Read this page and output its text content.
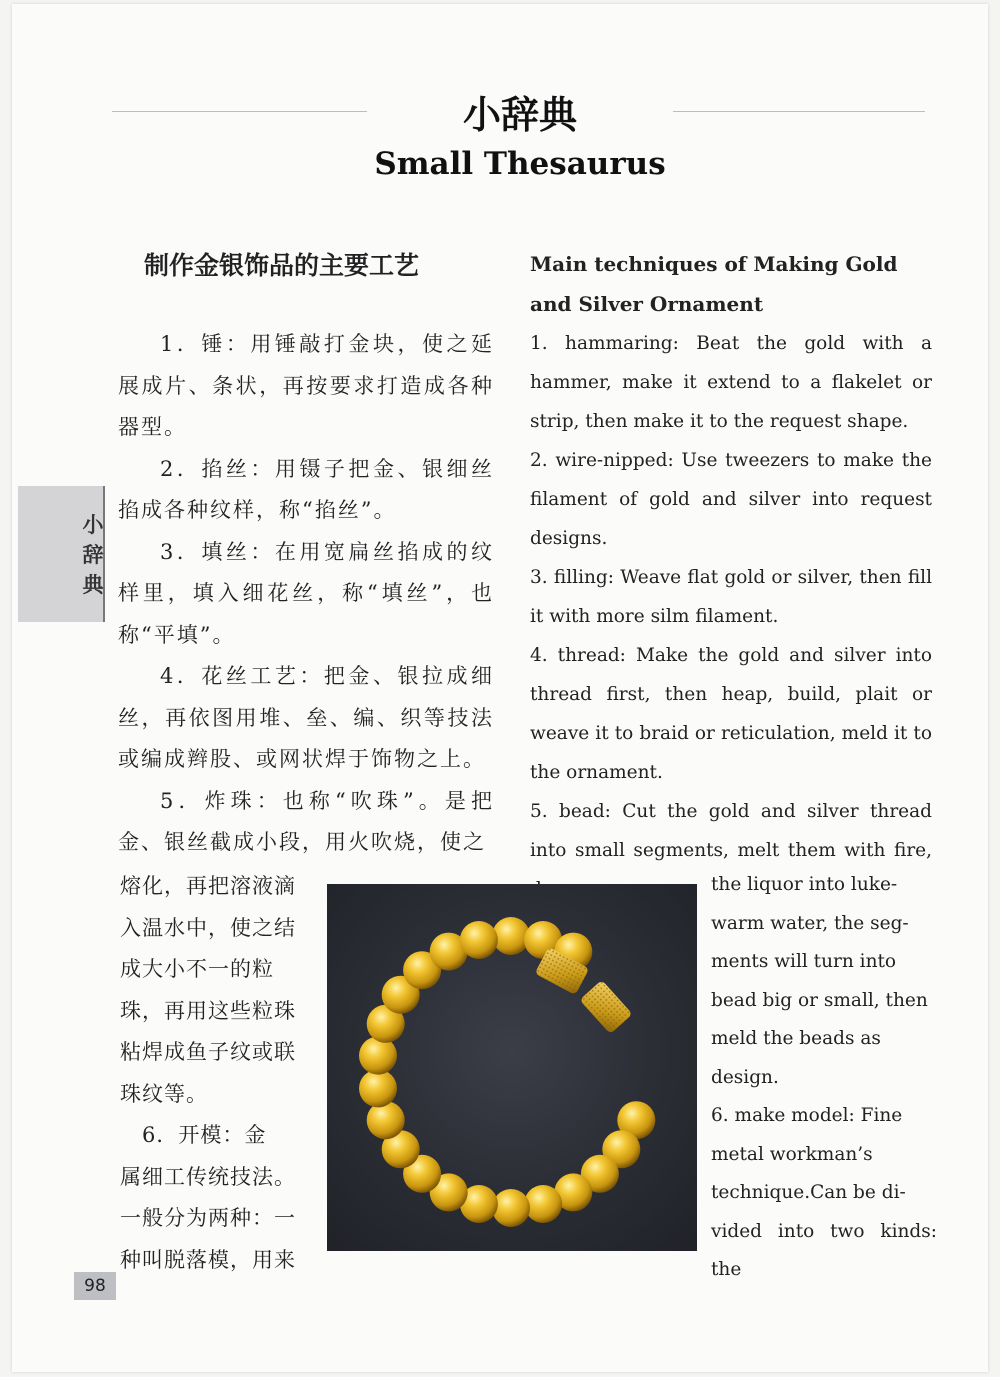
小辞典
Small Thesaurus
小辞典
制作金银饰品的主要工艺

1．锤：用锤敲打金块，使之延展成片、条状，再按要求打造成各种器型。

2．掐丝：用镊子把金、银细丝掐成各种纹样，称“掐丝”。

3．填丝：在用宽扁丝掐成的纹样里，填入细花丝，称“填丝”，也称“平填”。

4．花丝工艺：把金、银拉成细丝，再依图用堆、垒、编、织等技法或编成辫股、或网状焊于饰物之上。

5．炸珠：也称“吹珠”。是把金、银丝截成小段，用火吹烧，使之

熔化，再把溶液滴

入温水中，使之结

成大小不一的粒

珠，再用这些粒珠

粘焊成鱼子纹或联

珠纹等。

　6．开模：金

属细工传统技法。

一般分为两种：一

种叫脱落模，用来

Main techniques of Making Gold and Silver Ornament

1. hammaring: Beat the gold with a hammer, make it extend to a flakelet or strip, then make it to the request shape.

2. wire-nipped: Use tweezers to make the filament of gold and silver into request designs.

3. filling: Weave flat gold or silver, then fill it with more silm filament.

4. thread: Make the gold and silver into thread first, then heap, build, plait or weave it to braid or reticulation, meld it to the ornament.

5. bead: Cut the gold and silver thread into small segments, melt them with fire,

the liquor into luke-

warm water, the seg-

ments will turn into

bead big or small, then

meld the beads as

design.

6. make model: Fine

metal workman’s

technique.Can be di-

vided into two kinds: the

98
